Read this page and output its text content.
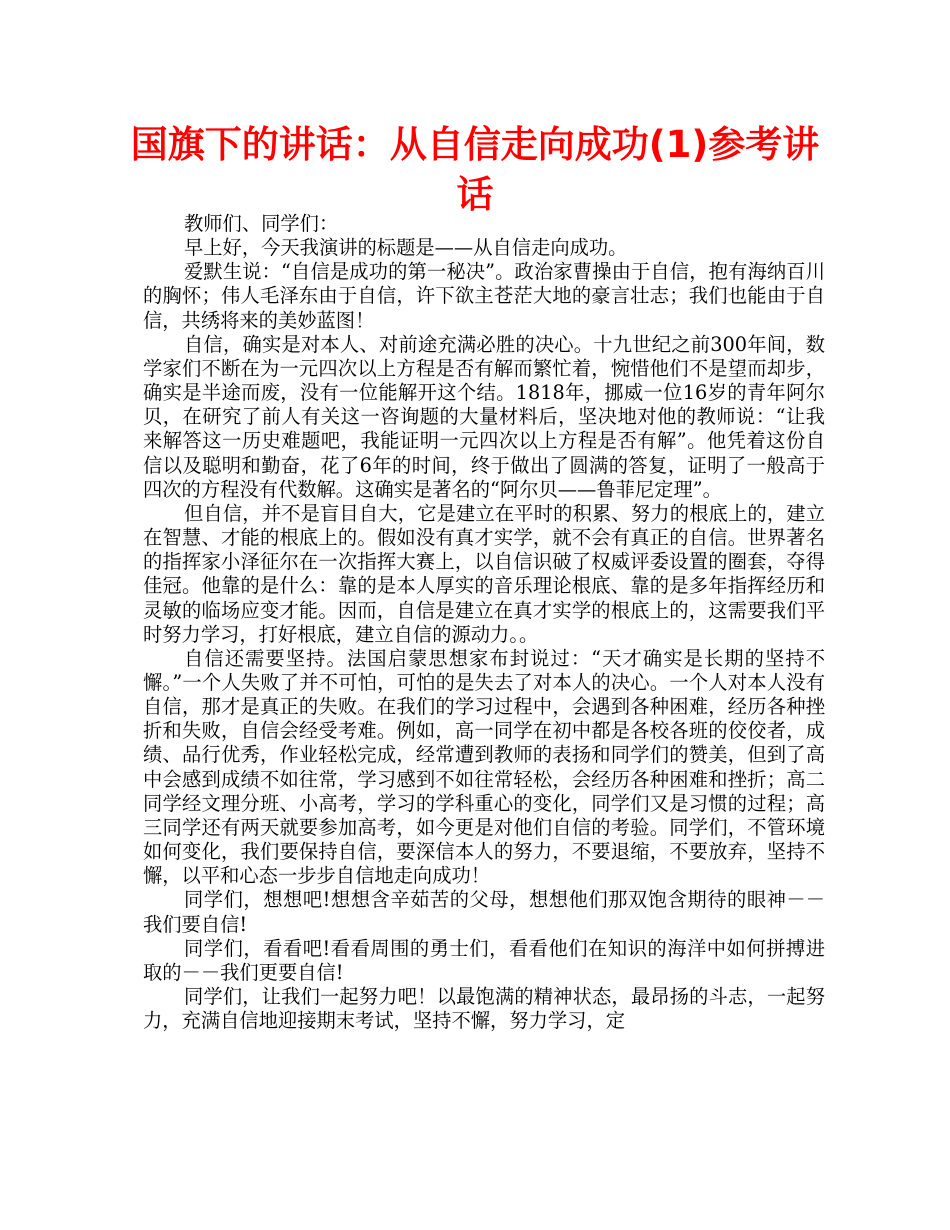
国旗下的讲话：从自信走向成功(1)参考讲话

教师们、同学们：

早上好，今天我演讲的标题是——从自信走向成功。

爱默生说：“自信是成功的第一秘决”。政治家曹操由于自信，抱有海纳百川的胸怀；伟人毛泽东由于自信，许下欲主苍茫大地的豪言壮志；我们也能由于自信，共绣将来的美妙蓝图！

自信，确实是对本人、对前途充满必胜的决心。十九世纪之前300年间，数学家们不断在为一元四次以上方程是否有解而繁忙着，惋惜他们不是望而却步，确实是半途而废，没有一位能解开这个结。1818年，挪威一位16岁的青年阿尔贝，在研究了前人有关这一咨询题的大量材料后，坚决地对他的教师说：“让我来解答这一历史难题吧，我能证明一元四次以上方程是否有解”。他凭着这份自信以及聪明和勤奋，花了6年的时间，终于做出了圆满的答复，证明了一般高于四次的方程没有代数解。这确实是著名的“阿尔贝——鲁菲尼定理”。

但自信，并不是盲目自大，它是建立在平时的积累、努力的根底上的，建立在智慧、才能的根底上的。假如没有真才实学，就不会有真正的自信。世界著名的指挥家小泽征尔在一次指挥大赛上，以自信识破了权威评委设置的圈套，夺得佳冠。他靠的是什么：靠的是本人厚实的音乐理论根底、靠的是多年指挥经历和灵敏的临场应变才能。因而，自信是建立在真才实学的根底上的，这需要我们平时努力学习，打好根底，建立自信的源动力。。

自信还需要坚持。法国启蒙思想家布封说过：“天才确实是长期的坚持不懈。”一个人失败了并不可怕，可怕的是失去了对本人的决心。一个人对本人没有自信，那才是真正的失败。在我们的学习过程中，会遇到各种困难，经历各种挫折和失败，自信会经受考难。例如，高一同学在初中都是各校各班的佼佼者，成绩、品行优秀，作业轻松完成，经常遭到教师的表扬和同学们的赞美，但到了高中会感到成绩不如往常，学习感到不如往常轻松，会经历各种困难和挫折；高二同学经文理分班、小高考，学习的学科重心的变化，同学们又是习惯的过程；高三同学还有两天就要参加高考，如今更是对他们自信的考验。同学们，不管环境如何变化，我们要保持自信，要深信本人的努力，不要退缩，不要放弃，坚持不懈，以平和心态一步步自信地走向成功！

同学们，想想吧!想想含辛茹苦的父母，想想他们那双饱含期待的眼神－－我们要自信!

同学们，看看吧!看看周围的勇士们，看看他们在知识的海洋中如何拼搏进取的－－我们更要自信!

同学们，让我们一起努力吧！以最饱满的精神状态，最昂扬的斗志，一起努力，充满自信地迎接期末考试，坚持不懈，努力学习，定
